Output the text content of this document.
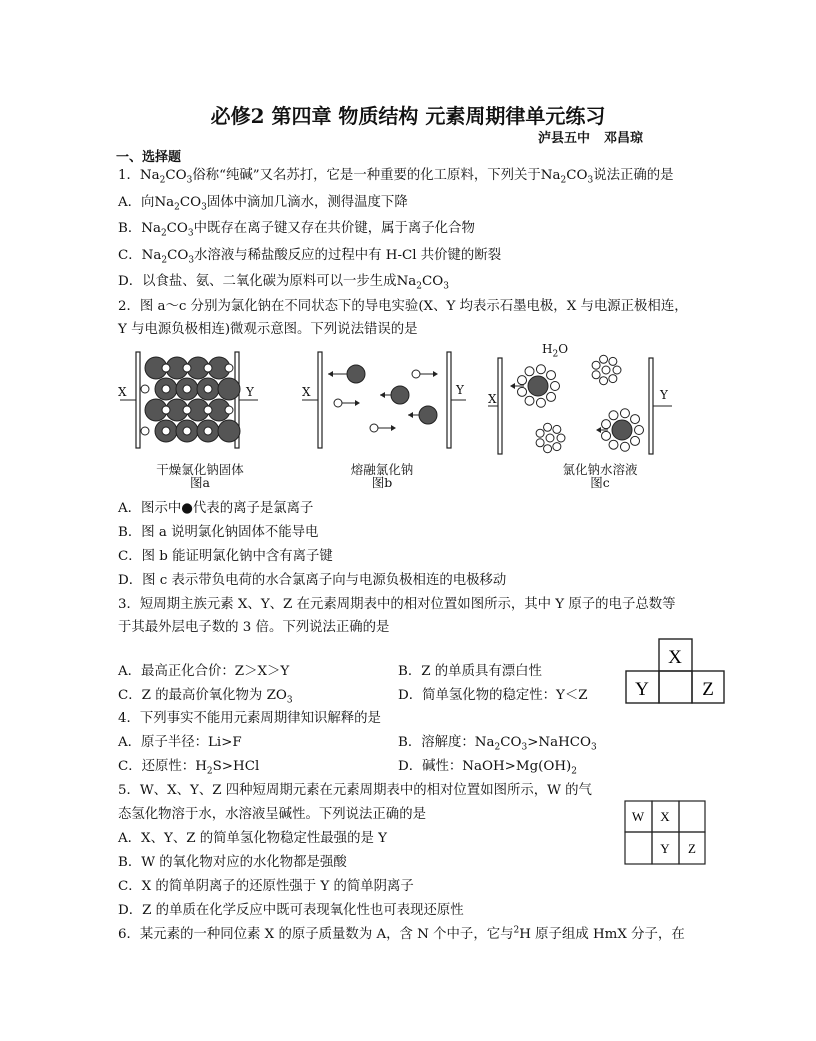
必修2 第四章 物质结构 元素周期律单元练习
泸县五中 邓昌琼
一、选择题
1．$Na_2CO_3$俗称“纯碱”又名苏打，它是一种重要的化工原料，下列关于$Na_2CO_3$说法正确的是
A．向$Na_2CO_3$固体中滴加几滴水，测得温度下降
B．$Na_2CO_3$中既存在离子键又存在共价键，属于离子化合物
C．$Na_2CO_3$水溶液与稀盐酸反应的过程中有 H-Cl 共价键的断裂
D．以食盐、氨、二氧化碳为原料可以一步生成$Na_2CO_3$
2．图 a～c 分别为氯化钠在不同状态下的导电实验(X、Y 均表示石墨电极，X 与电源正极相连，
Y 与电源负极相连)微观示意图。下列说法错误的是
X	Y
干燥氯化钠固体
图a
X	Y
熔融氯化钠
图b
$H_2O$
X	Y
氯化钠水溶液
图c
A．图示中●代表的离子是氯离子
B．图 a 说明氯化钠固体不能导电
C．图 b 能证明氯化钠中含有离子键
D．图 c 表示带负电荷的水合氯离子向与电源负极相连的电极移动
3．短周期主族元素 X、Y、Z 在元素周期表中的相对位置如图所示，其中 Y 原子的电子总数等
于其最外层电子数的 3 倍。下列说法正确的是
A．最高正化合价：Z＞X＞Y	B．Z 的单质具有漂白性
C．Z 的最高价氧化物为 $ZO_3$	D．简单氢化物的稳定性：Y＜Z
X
Y	Z
4．下列事实不能用元素周期律知识解释的是
A．原子半径：Li>F	B．溶解度：$Na_2CO_3>NaHCO_3$
C．还原性：$H_2S>HCl$	D．碱性：$NaOH>Mg(OH)_2$
5．W、X、Y、Z 四种短周期元素在元素周期表中的相对位置如图所示，W 的气
态氢化物溶于水，水溶液呈碱性。下列说法正确的是
A．X、Y、Z 的简单氢化物稳定性最强的是 Y
B．W 的氧化物对应的水化物都是强酸
C．X 的简单阴离子的还原性强于 Y 的简单阴离子
D．Z 的单质在化学反应中既可表现氧化性也可表现还原性
W X
Y Z
6．某元素的一种同位素 X 的原子质量数为 A，含 N 个中子，它与$^2$H 原子组成 HmX 分子，在
